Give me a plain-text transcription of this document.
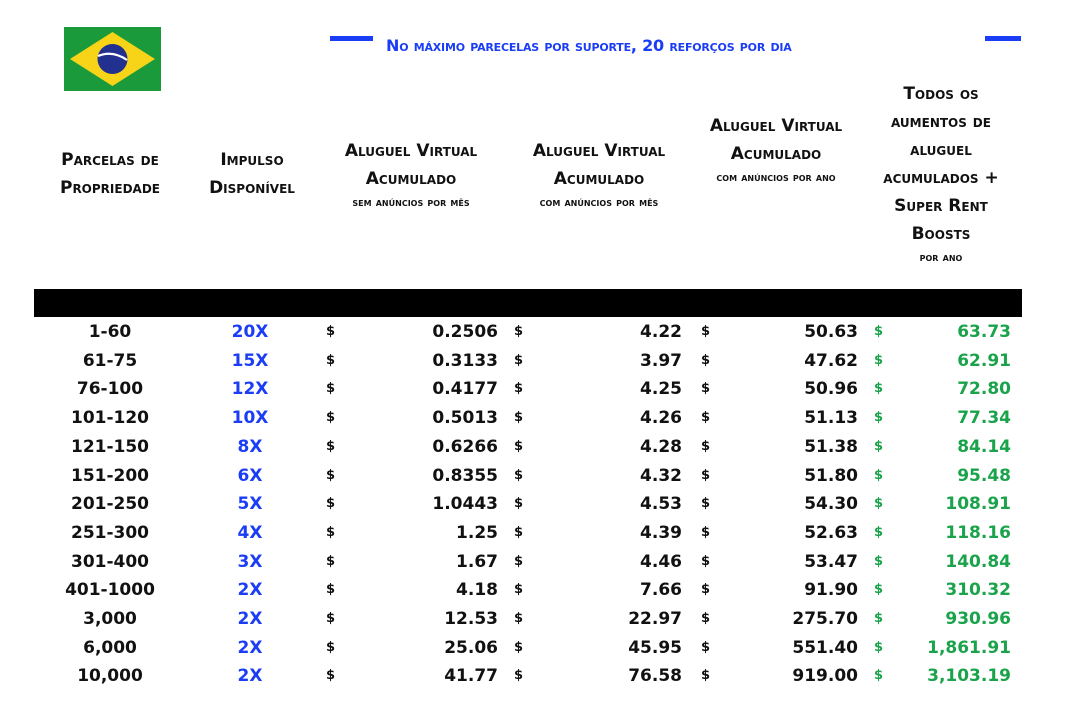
No máximo parecelas por suporte, 20 reforços por dia
Parcelas de Propriedade
Impulso Disponível
Aluguel Virtual Acumulado
sem anúncios por mês
Aluguel Virtual Acumulado
com anúncios por mês
Aluguel Virtual Acumulado
com anúncios por ano
Todos os aumentos de aluguel acumulados + Super Rent Boosts
por ano
1-60	20X	$	0.2506 $	4.22 $	50.63 $	63.73
61-75	15X	$	0.3133 $	3.97 $	47.62 $	62.91
76-100	12X	$	0.4177 $	4.25 $	50.96 $	72.80
101-120	10X	$	0.5013 $	4.26 $	51.13 $	77.34
121-150	8X	$	0.6266 $	4.28 $	51.38 $	84.14
151-200	6X	$	0.8355 $	4.32 $	51.80 $	95.48
201-250	5X	$	1.0443 $	4.53 $	54.30 $	108.91
251-300	4X	$	1.25 $	4.39 $	52.63 $	118.16
301-400	3X	$	1.67 $	4.46 $	53.47 $	140.84
401-1000	2X	$	4.18 $	7.66 $	91.90 $	310.32
3,000	2X	$	12.53 $	22.97 $	275.70 $	930.96
6,000	2X	$	25.06 $	45.95 $	551.40 $	1,861.91
10,000	2X	$	41.77 $	76.58 $	919.00 $	3,103.19
